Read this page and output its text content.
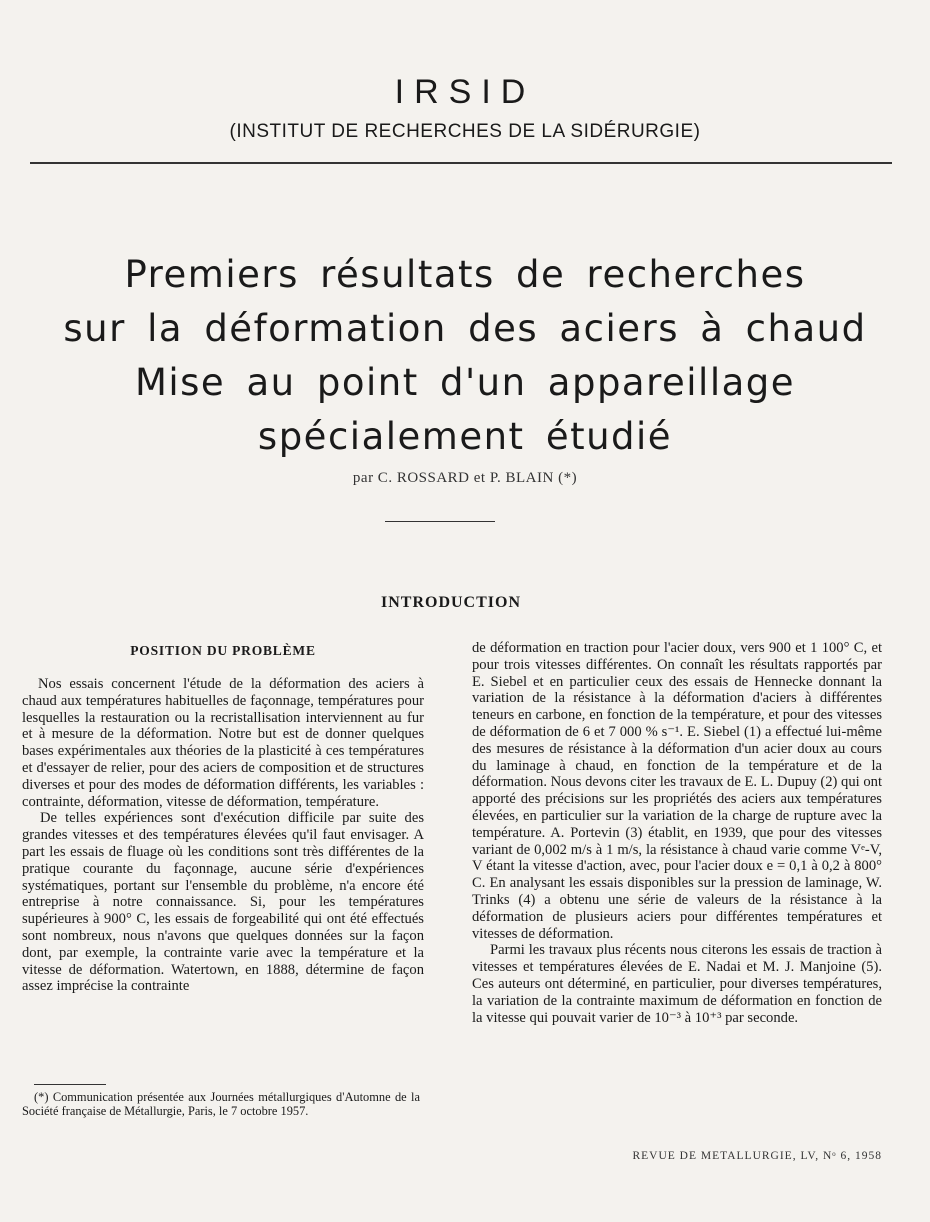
IRSID
(INSTITUT DE RECHERCHES DE LA SIDÉRURGIE)
Premiers résultats de recherches
sur la déformation des aciers à chaud
Mise au point d'un appareillage
spécialement étudié
par C. ROSSARD et P. BLAIN (*)
INTRODUCTION
POSITION DU PROBLÈME

Nos essais concernent l'étude de la déformation des aciers à chaud aux températures habituelles de façonnage, températures pour lesquelles la restauration ou la recristallisation interviennent au fur et à mesure de la déformation. Notre but est de donner quelques bases expérimentales aux théories de la plasticité à ces températures et d'essayer de relier, pour des aciers de composition et de structures diverses et pour des modes de déformation différents, les variables : contrainte, déformation, vitesse de déformation, température.

De telles expériences sont d'exécution difficile par suite des grandes vitesses et des températures élevées qu'il faut envisager. A part les essais de fluage où les conditions sont très différentes de la pratique courante du façonnage, aucune série d'expériences systématiques, portant sur l'ensemble du problème, n'a encore été entreprise à notre connaissance. Si, pour les températures supérieures à 900° C, les essais de forgeabilité qui ont été effectués sont nombreux, nous n'avons que quelques données sur la façon dont, par exemple, la contrainte varie avec la température et la vitesse de déformation. Watertown, en 1888, détermine de façon assez imprécise la contrainte

de déformation en traction pour l'acier doux, vers 900 et 1 100° C, et pour trois vitesses différentes. On connaît les résultats rapportés par E. Siebel et en particulier ceux des essais de Hennecke donnant la variation de la résistance à la déformation d'aciers à différentes teneurs en carbone, en fonction de la température, et pour des vitesses de déformation de 6 et 7 000 % s⁻¹. E. Siebel (1) a effectué lui-même des mesures de résistance à la déformation d'un acier doux au cours du laminage à chaud, en fonction de la température et de la déformation. Nous devons citer les travaux de E. L. Dupuy (2) qui ont apporté des précisions sur les propriétés des aciers aux températures élevées, en particulier sur la variation de la charge de rupture avec la température. A. Portevin (3) établit, en 1939, que pour des vitesses variant de 0,002 m/s à 1 m/s, la résistance à chaud varie comme Vᵉ-V, V étant la vitesse d'action, avec, pour l'acier doux e = 0,1 à 0,2 à 800° C. En analysant les essais disponibles sur la pression de laminage, W. Trinks (4) a obtenu une série de valeurs de la résistance à la déformation de plusieurs aciers pour différentes températures et vitesses de déformation.

Parmi les travaux plus récents nous citerons les essais de traction à vitesses et températures élevées de E. Nadai et M. J. Manjoine (5). Ces auteurs ont déterminé, en particulier, pour diverses températures, la variation de la contrainte maximum de déformation en fonction de la vitesse qui pouvait varier de 10⁻³ à 10⁺³ par seconde.

(*) Communication présentée aux Journées métallurgiques d'Automne de la Société française de Métallurgie, Paris, le 7 octobre 1957.

REVUE DE METALLURGIE, LV, Nᵒ 6, 1958
